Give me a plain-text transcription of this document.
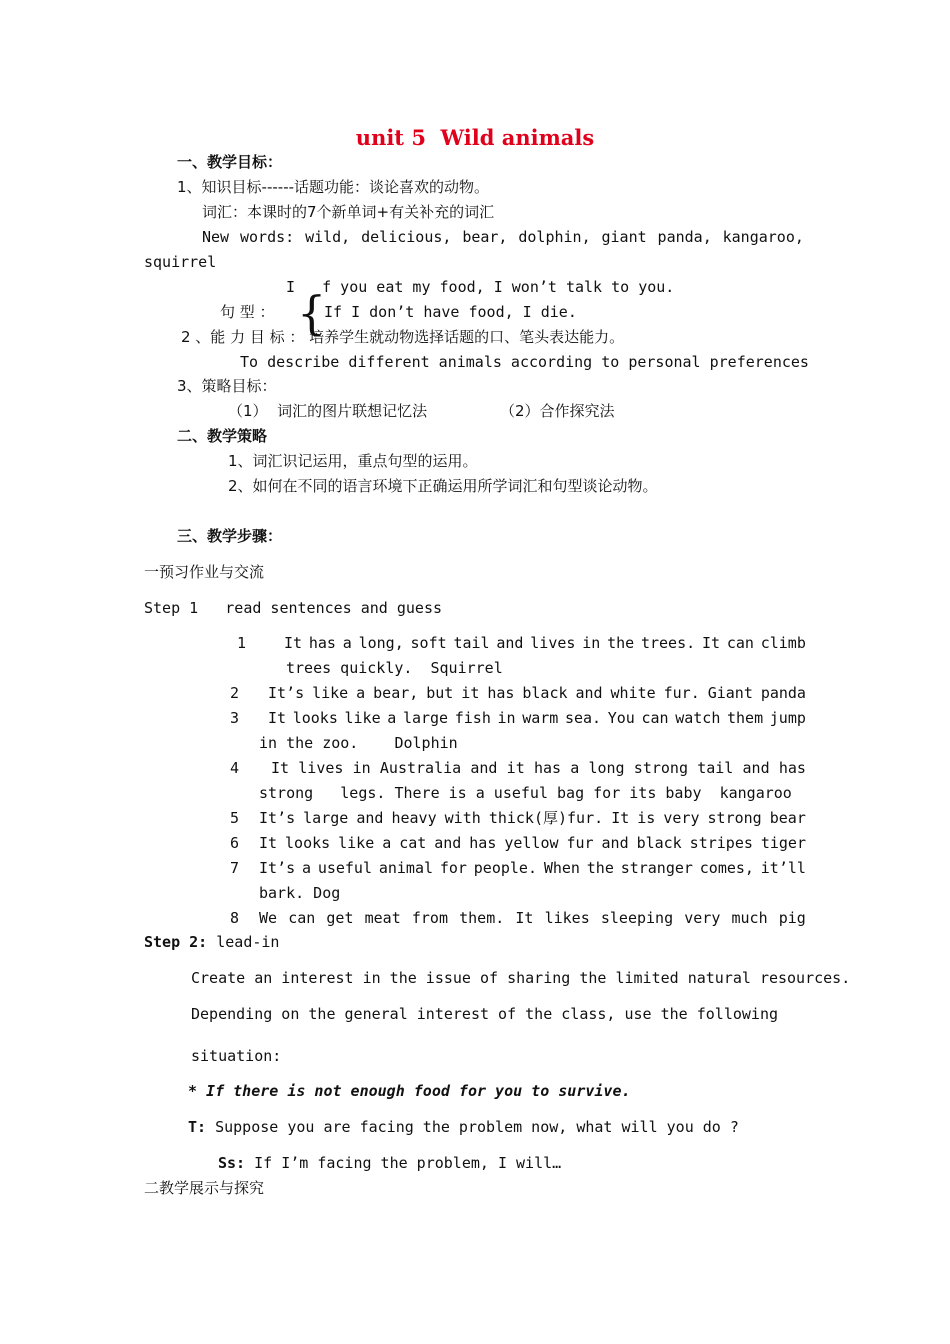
unit 5  Wild animals
一、教学目标：
1、知识目标------话题功能：谈论喜欢的动物。
词汇：本课时的7个新单词+有关补充的词汇
New words: wild, delicious, bear, dolphin, giant panda, kangaroo,
squirrel
I   f you eat my food, I won’t talk to you.
句 型 ： {
If I don’t have food, I die.
2 、能 力 目 标 ： 培养学生就动物选择话题的口、笔头表达能力。
To describe different animals according to personal preferences
3、策略目标：
（1）  词汇的图片联想记忆法	（2）合作探究法
二、教学策略
1、词汇识记运用，重点句型的运用。
2、如何在不同的语言环境下正确运用所学词汇和句型谈论动物。
三、教学步骤：
一预习作业与交流
Step 1   read sentences and guess
1	It has a long, soft tail and lives in the trees. It can climb
trees quickly.  Squirrel
2 It’s like a bear, but it has black and white fur. Giant panda
3 It looks like a large fish in warm sea. You can watch them jump
in the zoo.    Dolphin
4 It lives in Australia and it has a long strong tail and has
strong   legs. There is a useful bag for its baby  kangaroo
5 It’s large and heavy with thick(厚)fur. It is very strong bear
6 It looks like a cat and has yellow fur and black stripes tiger
7 It’s a useful animal for people. When the stranger comes, it’ll
bark. Dog
8 We can get meat from them. It likes sleeping very much pig
Step 2: lead-in
Create an interest in the issue of sharing the limited natural resources.
Depending on the general interest of the class, use the following
situation:
* If there is not enough food for you to survive.
T: Suppose you are facing the problem now, what will you do ?
Ss: If I’m facing the problem, I will…
二教学展示与探究
